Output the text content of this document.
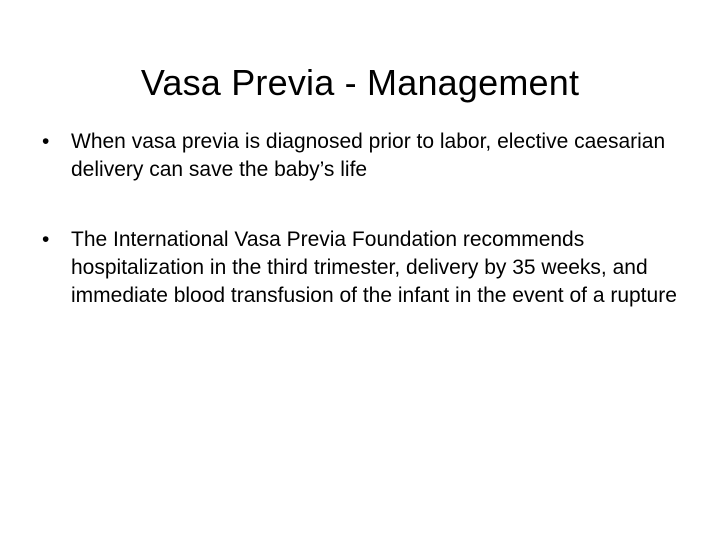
Vasa Previa - Management
•	When vasa previa is diagnosed prior to labor, elective caesarian delivery can save the baby’s life
•	The International Vasa Previa Foundation recommends hospitalization in the third trimester, delivery by 35 weeks, and immediate blood transfusion of the infant in the event of a rupture
